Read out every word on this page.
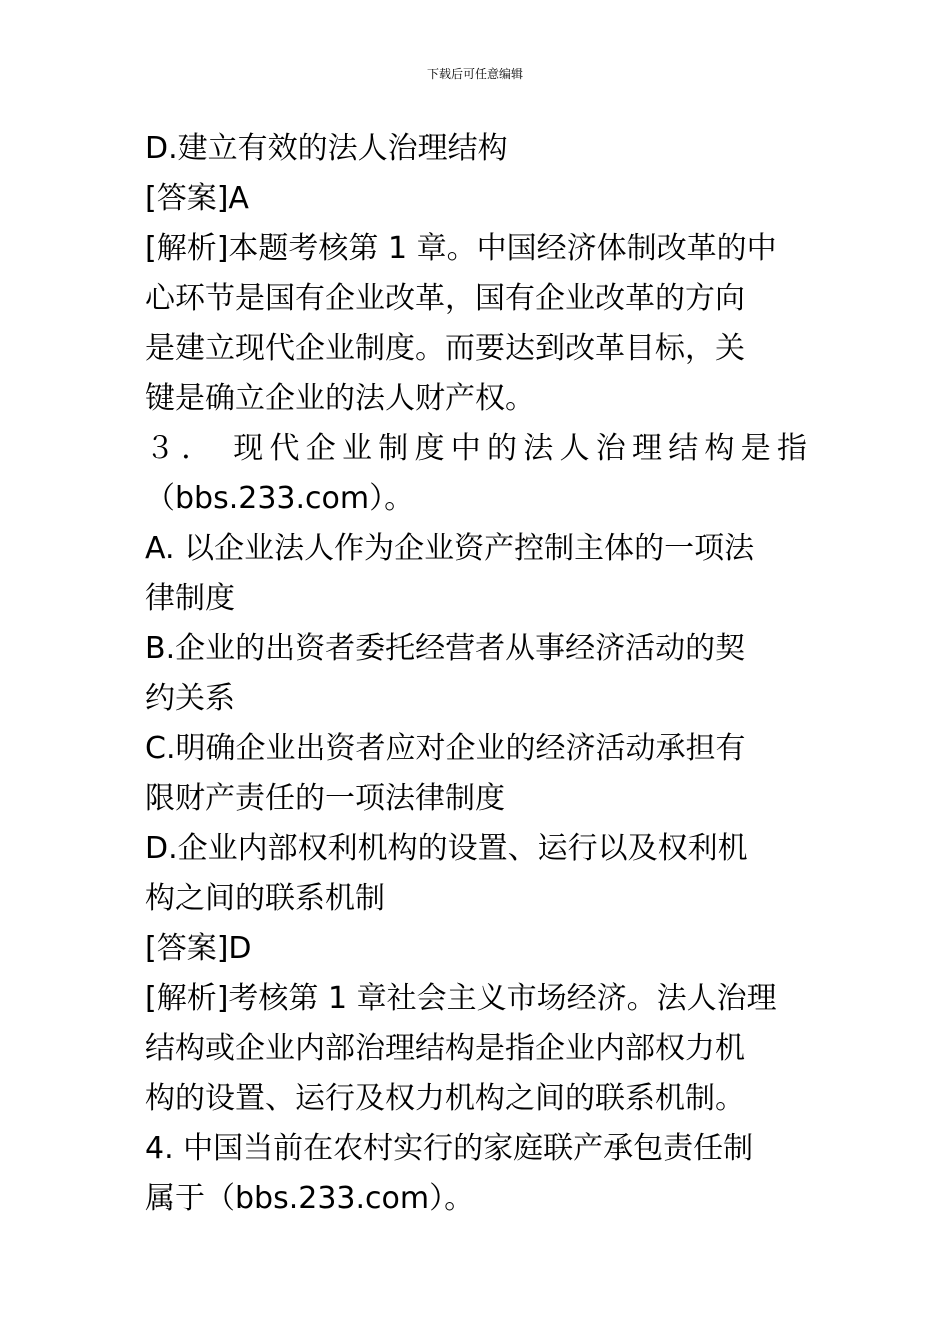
下载后可任意编辑
D.建立有效的法人治理结构
[答案]A
[解析]本题考核第 1 章。中国经济体制改革的中
心环节是国有企业改革，国有企业改革的方向
是建立现代企业制度。而要达到改革目标，关
键是确立企业的法人财产权。
３． 现代企业制度中的法人治理结构是指
（bbs.233.com）。
A. 以企业法人作为企业资产控制主体的一项法
律制度
B.企业的出资者委托经营者从事经济活动的契
约关系
C.明确企业出资者应对企业的经济活动承担有
限财产责任的一项法律制度
D.企业内部权利机构的设置、运行以及权利机
构之间的联系机制
[答案]D
[解析]考核第 1 章社会主义市场经济。法人治理
结构或企业内部治理结构是指企业内部权力机
构的设置、运行及权力机构之间的联系机制。
4. 中国当前在农村实行的家庭联产承包责任制
属于（bbs.233.com）。
